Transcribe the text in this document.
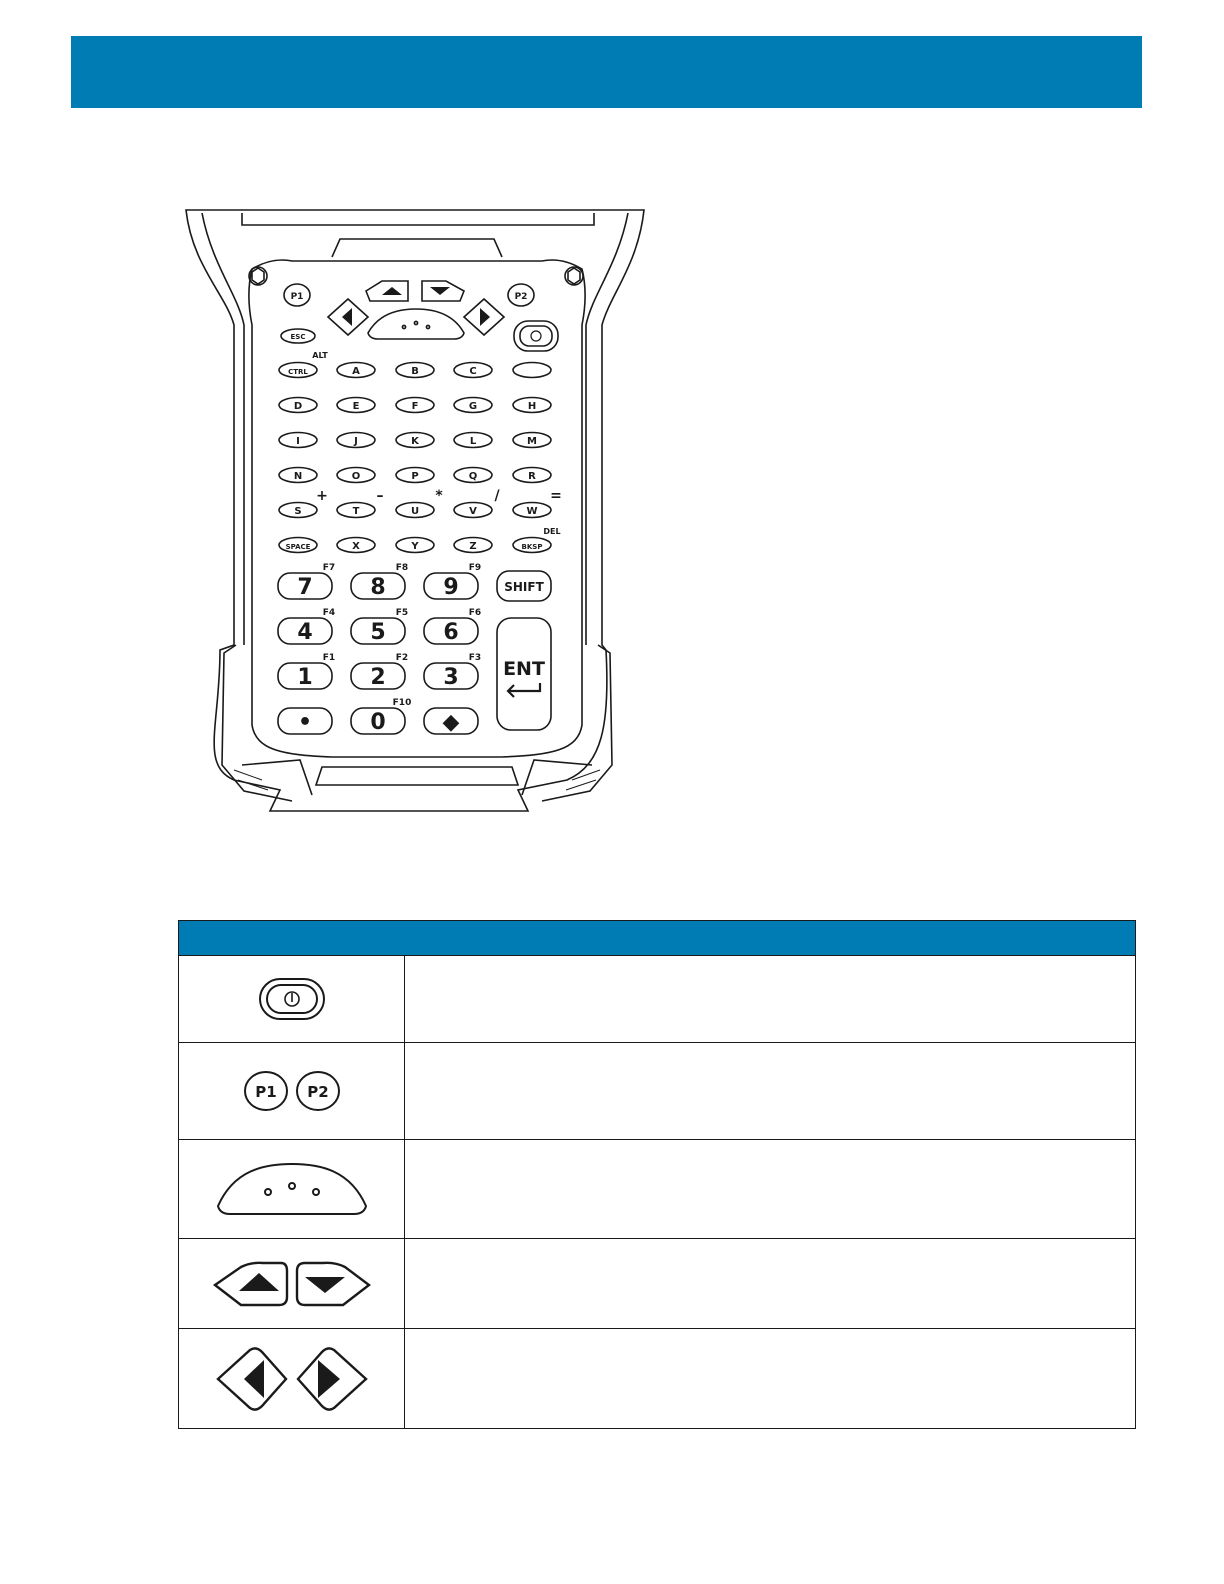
P1	P2
ESC
ALT
CTRL	A	B	C
D	E	F	G	H
I	J	K	L	M
N	O	P	Q	R
S	T	U	V	W
+	–	*	/	=
SPACE	X	Y	Z	BKSP
DEL
7
F7
8
F8
9
F9
4
F4
5
F5
6
F6
1
F1
2
F2
3
F3
•	0
F10
◆
SHIFT
ENT

P1 P2	
